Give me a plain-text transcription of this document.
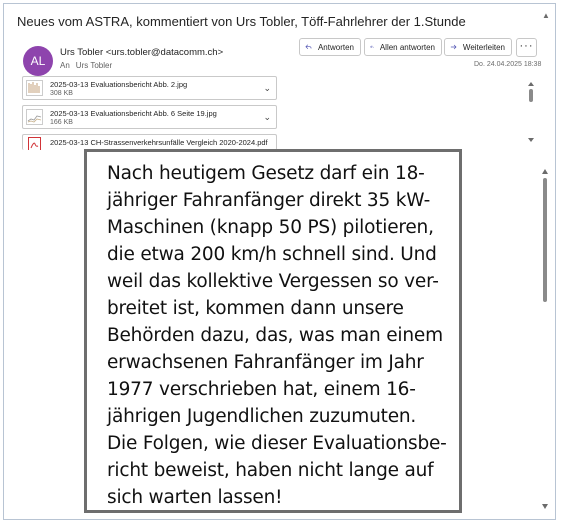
Neues vom ASTRA, kommentiert von Urs Tobler, Töff-Fahrlehrer der 1.Stunde	▲
AL
Urs Tobler <urs.tobler@datacomm.ch>
An Urs Tobler
Antworten	Allen antworten	Weiterleiten	···
Do. 24.04.2025 18:38
2025-03-13 Evaluationsbericht Abb. 2.jpg
308 KB
⌄
2025-03-13 Evaluationsbericht Abb. 6 Seite 19.jpg
166 KB
⌄
2025-03-13 CH-Strassenverkehrsunfälle Vergleich 2020-2024.pdf
Nach heutigem Gesetz darf ein 18-
jähriger Fahranfänger direkt 35 kW-
Maschinen (knapp 50 PS) pilotieren,
die etwa 200 km/h schnell sind. Und
weil das kollektive Vergessen so ver-
breitet ist, kommen dann unsere
Behörden dazu, das, was man einem
erwachsenen Fahranfänger im Jahr
1977 verschrieben hat, einem 16-
jährigen Jugendlichen zuzumuten.
Die Folgen, wie dieser Evaluationsbe-
richt beweist, haben nicht lange auf
sich warten lassen!
